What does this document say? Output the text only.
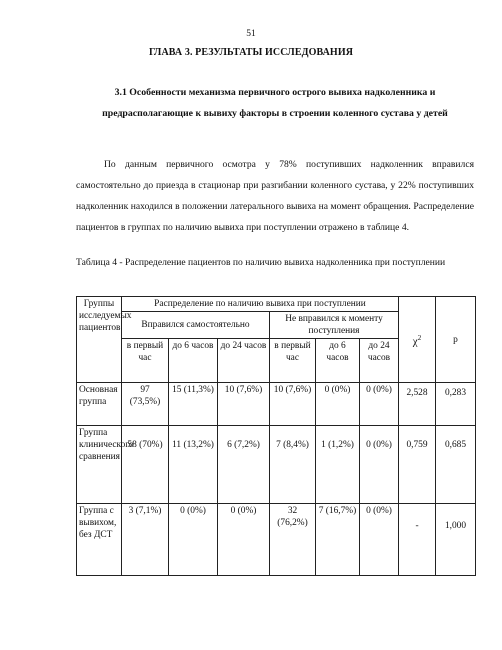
51
ГЛАВА 3. РЕЗУЛЬТАТЫ ИССЛЕДОВАНИЯ
3.1 Особенности механизма первичного острого вывиха надколенника и предрасполагающие к вывиху факторы в строении коленного сустава у детей

По данным первичного осмотра у 78% поступивших надколенник вправился самостоятельно до приезда в стационар при разгибании коленного сустава, у 22% поступивших надколенник находился в положении латерального вывиха на момент обращения. Распределение пациентов в группах по наличию вывиха при поступлении отражено в таблице 4.

Таблица 4 - Распределение пациентов по наличию вывиха надколенника при поступлении

Группы исследуемых пациентов	Распределение по наличию вывиха при поступлении						$\chi^2$	p
	Вправился самостоятельно			Не вправился к моменту поступления				
	в первый час	до 6 часов	до 24 часов	в первый час	до 6 часов	до 24 часов		
Основная группа	97 (73,5%)	15 (11,3%)	10 (7,6%)	10 (7,6%)	0 (0%)	0 (0%)	2,528	0,283
Группа клинического сравнения	58 (70%)	11 (13,2%)	6 (7,2%)	7 (8,4%)	1 (1,2%)	0 (0%)	0,759	0,685
Группа с вывихом, без ДСТ	3 (7,1%)	0 (0%)	0 (0%)	32 (76,2%)	7 (16,7%)	0 (0%)	-	1,000
